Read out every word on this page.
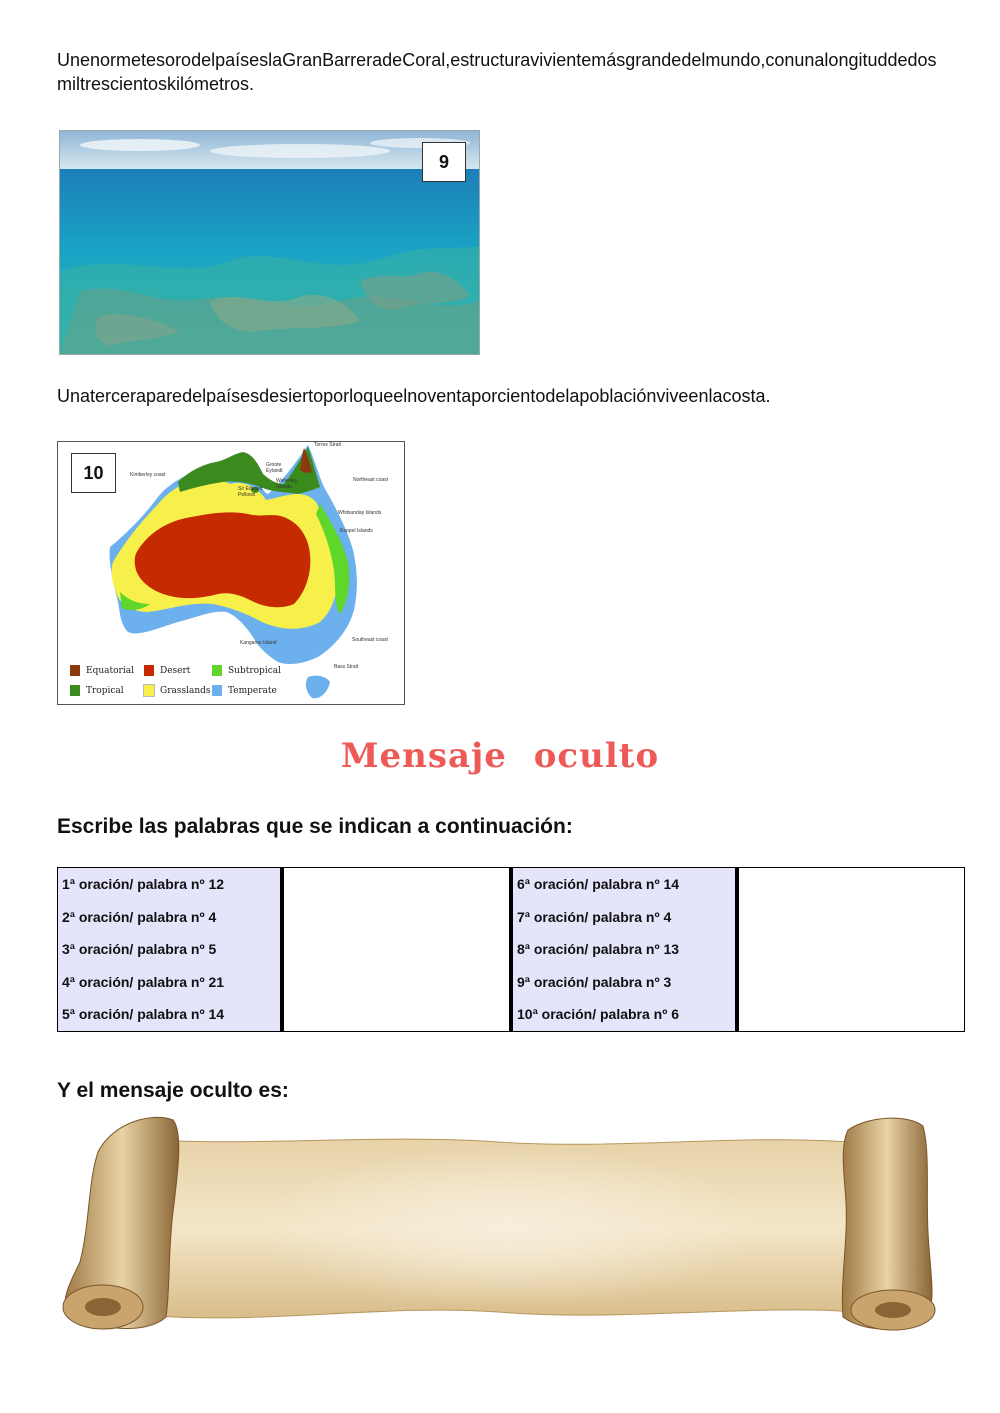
UnenormetesorodelpaíseslaGranBarreradeCoral,estructuravivientemásgrandedelmundo,conunalongituddedosmiltrescientoskilómetros.
9
Unaterceraparedelpaísesdesiertoporloqueelnoventaporcientodelapoblaciónviveenlacosta.
Torres Strait
Kimberley coast
Groote Eylandt
Wellesley Islands
Sir Edward Pellows
Northeast coast
Whitsunday Islands
Keppel Islands
Kangaroo Island	Southeast coast
Bass Strait
10
Equatorial	Desert	Subtropical
Tropical	Grasslands Temperate
Mensaje oculto
Escribe las palabras que se indican a continuación:
1ª oración/ palabra nº 12
2ª oración/ palabra nº 4
3ª oración/ palabra nº 5
4ª oración/ palabra nº 21
5ª oración/ palabra nº 14

6ª oración/ palabra nº 14
7ª oración/ palabra nº 4
8ª oración/ palabra nº 13
9ª oración/ palabra nº 3
10ª oración/ palabra nº 6

Y el mensaje oculto es:
